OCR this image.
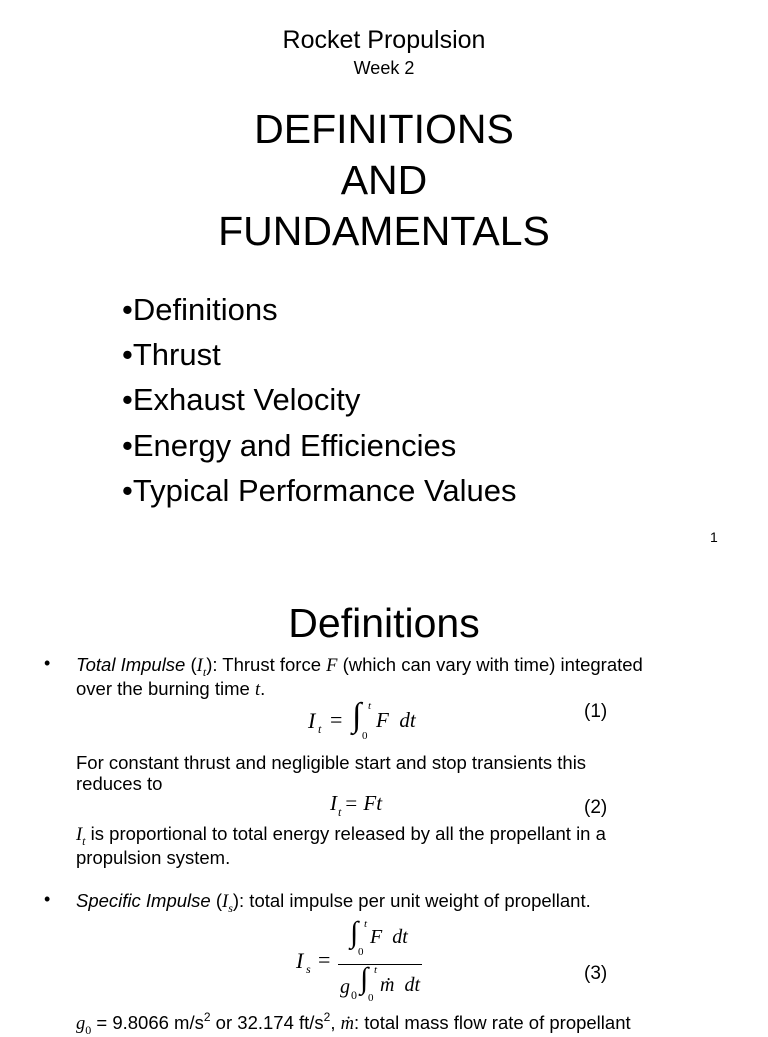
Rocket Propulsion
Week 2
DEFINITIONS
AND
FUNDAMENTALS
•Definitions
•Thrust
•Exhaust Velocity
•Energy and Efficiencies
•Typical Performance Values
1
Definitions
• Total Impulse $(I_t)$: Thrust force F (which can vary with time) integrated
over the burning time t.
I t = ∫ t
0
F  dt	(1)
For constant thrust and negligible start and stop transients this
reduces to
I t = Ft	(2)
$I_t$ is proportional to total energy released by all the propellant in a
propulsion system.
• Specific Impulse $(I_s)$: total impulse per unit weight of propellant.
I s =
∫ t
0
F  dt
g 0 ∫ t
0
ṁ  dt
(3)
$g_0 = 9.8066$ $m/s^2$ or 32.174 $ft/s^2$, ṁ: total mass flow rate of propellant
